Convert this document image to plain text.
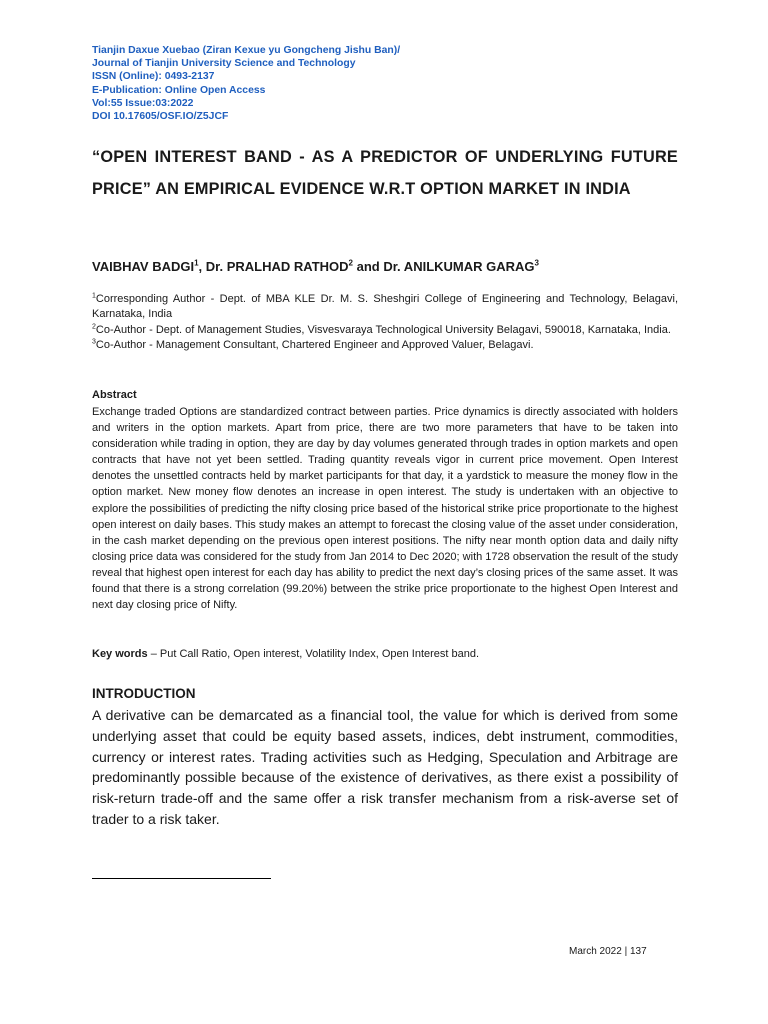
Tianjin Daxue Xuebao (Ziran Kexue yu Gongcheng Jishu Ban)/
Journal of Tianjin University Science and Technology
ISSN (Online): 0493-2137
E-Publication: Online Open Access
Vol:55 Issue:03:2022
DOI 10.17605/OSF.IO/Z5JCF
“OPEN INTEREST BAND - AS A PREDICTOR OF UNDERLYING FUTURE PRICE” AN EMPIRICAL EVIDENCE W.R.T OPTION MARKET IN INDIA
VAIBHAV BADGI$^1$, Dr. PRALHAD RATHOD$^2$ and Dr. ANILKUMAR GARAG$^3$

$^1$Corresponding Author - Dept. of MBA KLE Dr. M. S. Sheshgiri College of Engineering and Technology, Belagavi, Karnataka, India

$^2$Co-Author - Dept. of Management Studies, Visvesvaraya Technological University Belagavi, 590018, Karnataka, India.

$^3$Co-Author - Management Consultant, Chartered Engineer and Approved Valuer, Belagavi.

Abstract
Exchange traded Options are standardized contract between parties. Price dynamics is directly associated with holders and writers in the option markets. Apart from price, there are two more parameters that have to be taken into consideration while trading in option, they are day by day volumes generated through trades in option markets and open contracts that have not yet been settled. Trading quantity reveals vigor in current price movement. Open Interest denotes the unsettled contracts held by market participants for that day, it a yardstick to measure the money flow in the option market. New money flow denotes an increase in open interest. The study is undertaken with an objective to explore the possibilities of predicting the nifty closing price based of the historical strike price proportionate to the highest open interest on daily bases. This study makes an attempt to forecast the closing value of the asset under consideration, in the cash market depending on the previous open interest positions. The nifty near month option data and daily nifty closing price data was considered for the study from Jan 2014 to Dec 2020; with 1728 observation the result of the study reveal that highest open interest for each day has ability to predict the next day’s closing prices of the same asset. It was found that there is a strong correlation (99.20%) between the strike price proportionate to the highest Open Interest and next day closing price of Nifty.
Key words – Put Call Ratio, Open interest, Volatility Index, Open Interest band.
INTRODUCTION
A derivative can be demarcated as a financial tool, the value for which is derived from some underlying asset that could be equity based assets, indices, debt instrument, commodities, currency or interest rates. Trading activities such as Hedging, Speculation and Arbitrage are predominantly possible because of the existence of derivatives, as there exist a possibility of risk-return trade-off and the same offer a risk transfer mechanism from a risk-averse set of trader to a risk taker.
March 2022 | 137
